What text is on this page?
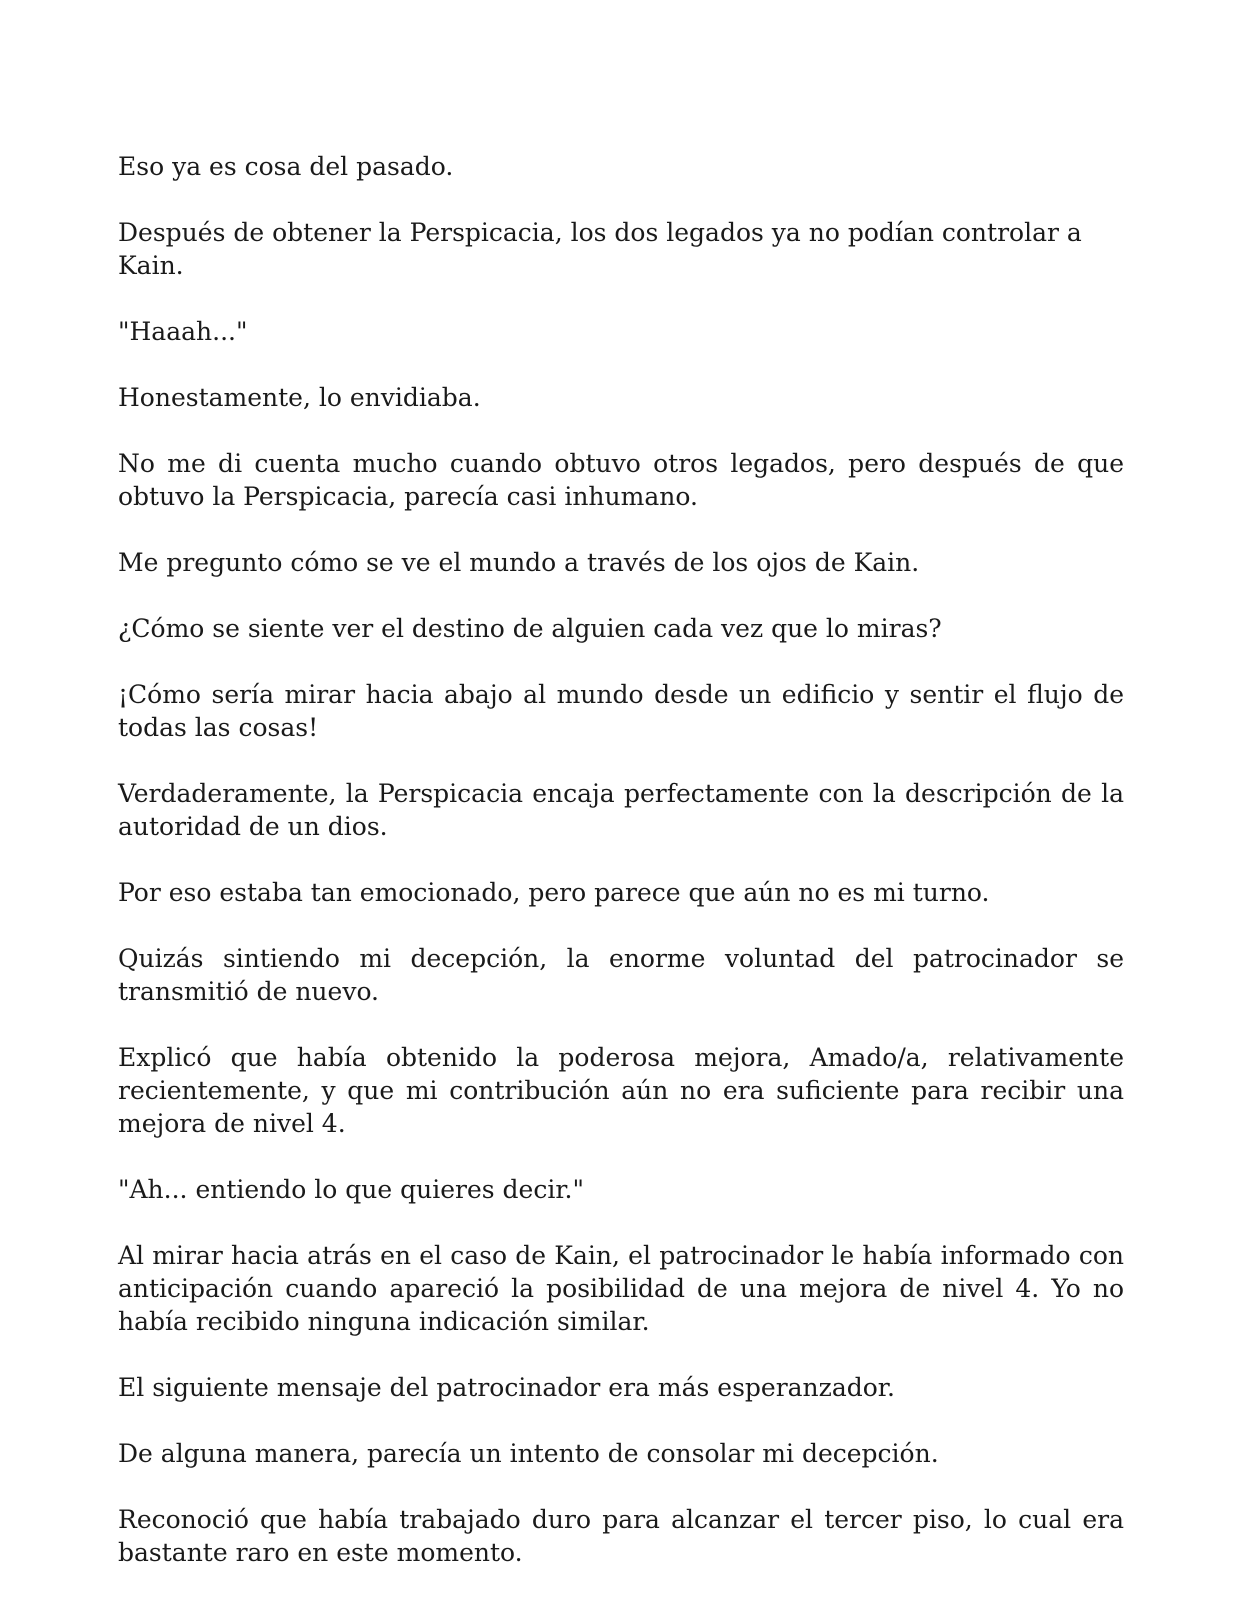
Eso ya es cosa del pasado.

Después de obtener la Perspicacia, los dos legados ya no podían controlar a Kain.

"Haaah..."

Honestamente, lo envidiaba.

No me di cuenta mucho cuando obtuvo otros legados, pero después de que obtuvo la Perspicacia, parecía casi inhumano.

Me pregunto cómo se ve el mundo a través de los ojos de Kain.

¿Cómo se siente ver el destino de alguien cada vez que lo miras?

¡Cómo sería mirar hacia abajo al mundo desde un edificio y sentir el flujo de todas las cosas!

Verdaderamente, la Perspicacia encaja perfectamente con la descripción de la autoridad de un dios.

Por eso estaba tan emocionado, pero parece que aún no es mi turno.

Quizás sintiendo mi decepción, la enorme voluntad del patrocinador se transmitió de nuevo.

Explicó que había obtenido la poderosa mejora, Amado/a, relativamente recientemente, y que mi contribución aún no era suficiente para recibir una mejora de nivel 4.

"Ah... entiendo lo que quieres decir."

Al mirar hacia atrás en el caso de Kain, el patrocinador le había informado con anticipación cuando apareció la posibilidad de una mejora de nivel 4. Yo no había recibido ninguna indicación similar.

El siguiente mensaje del patrocinador era más esperanzador.

De alguna manera, parecía un intento de consolar mi decepción.

Reconoció que había trabajado duro para alcanzar el tercer piso, lo cual era bastante raro en este momento.
